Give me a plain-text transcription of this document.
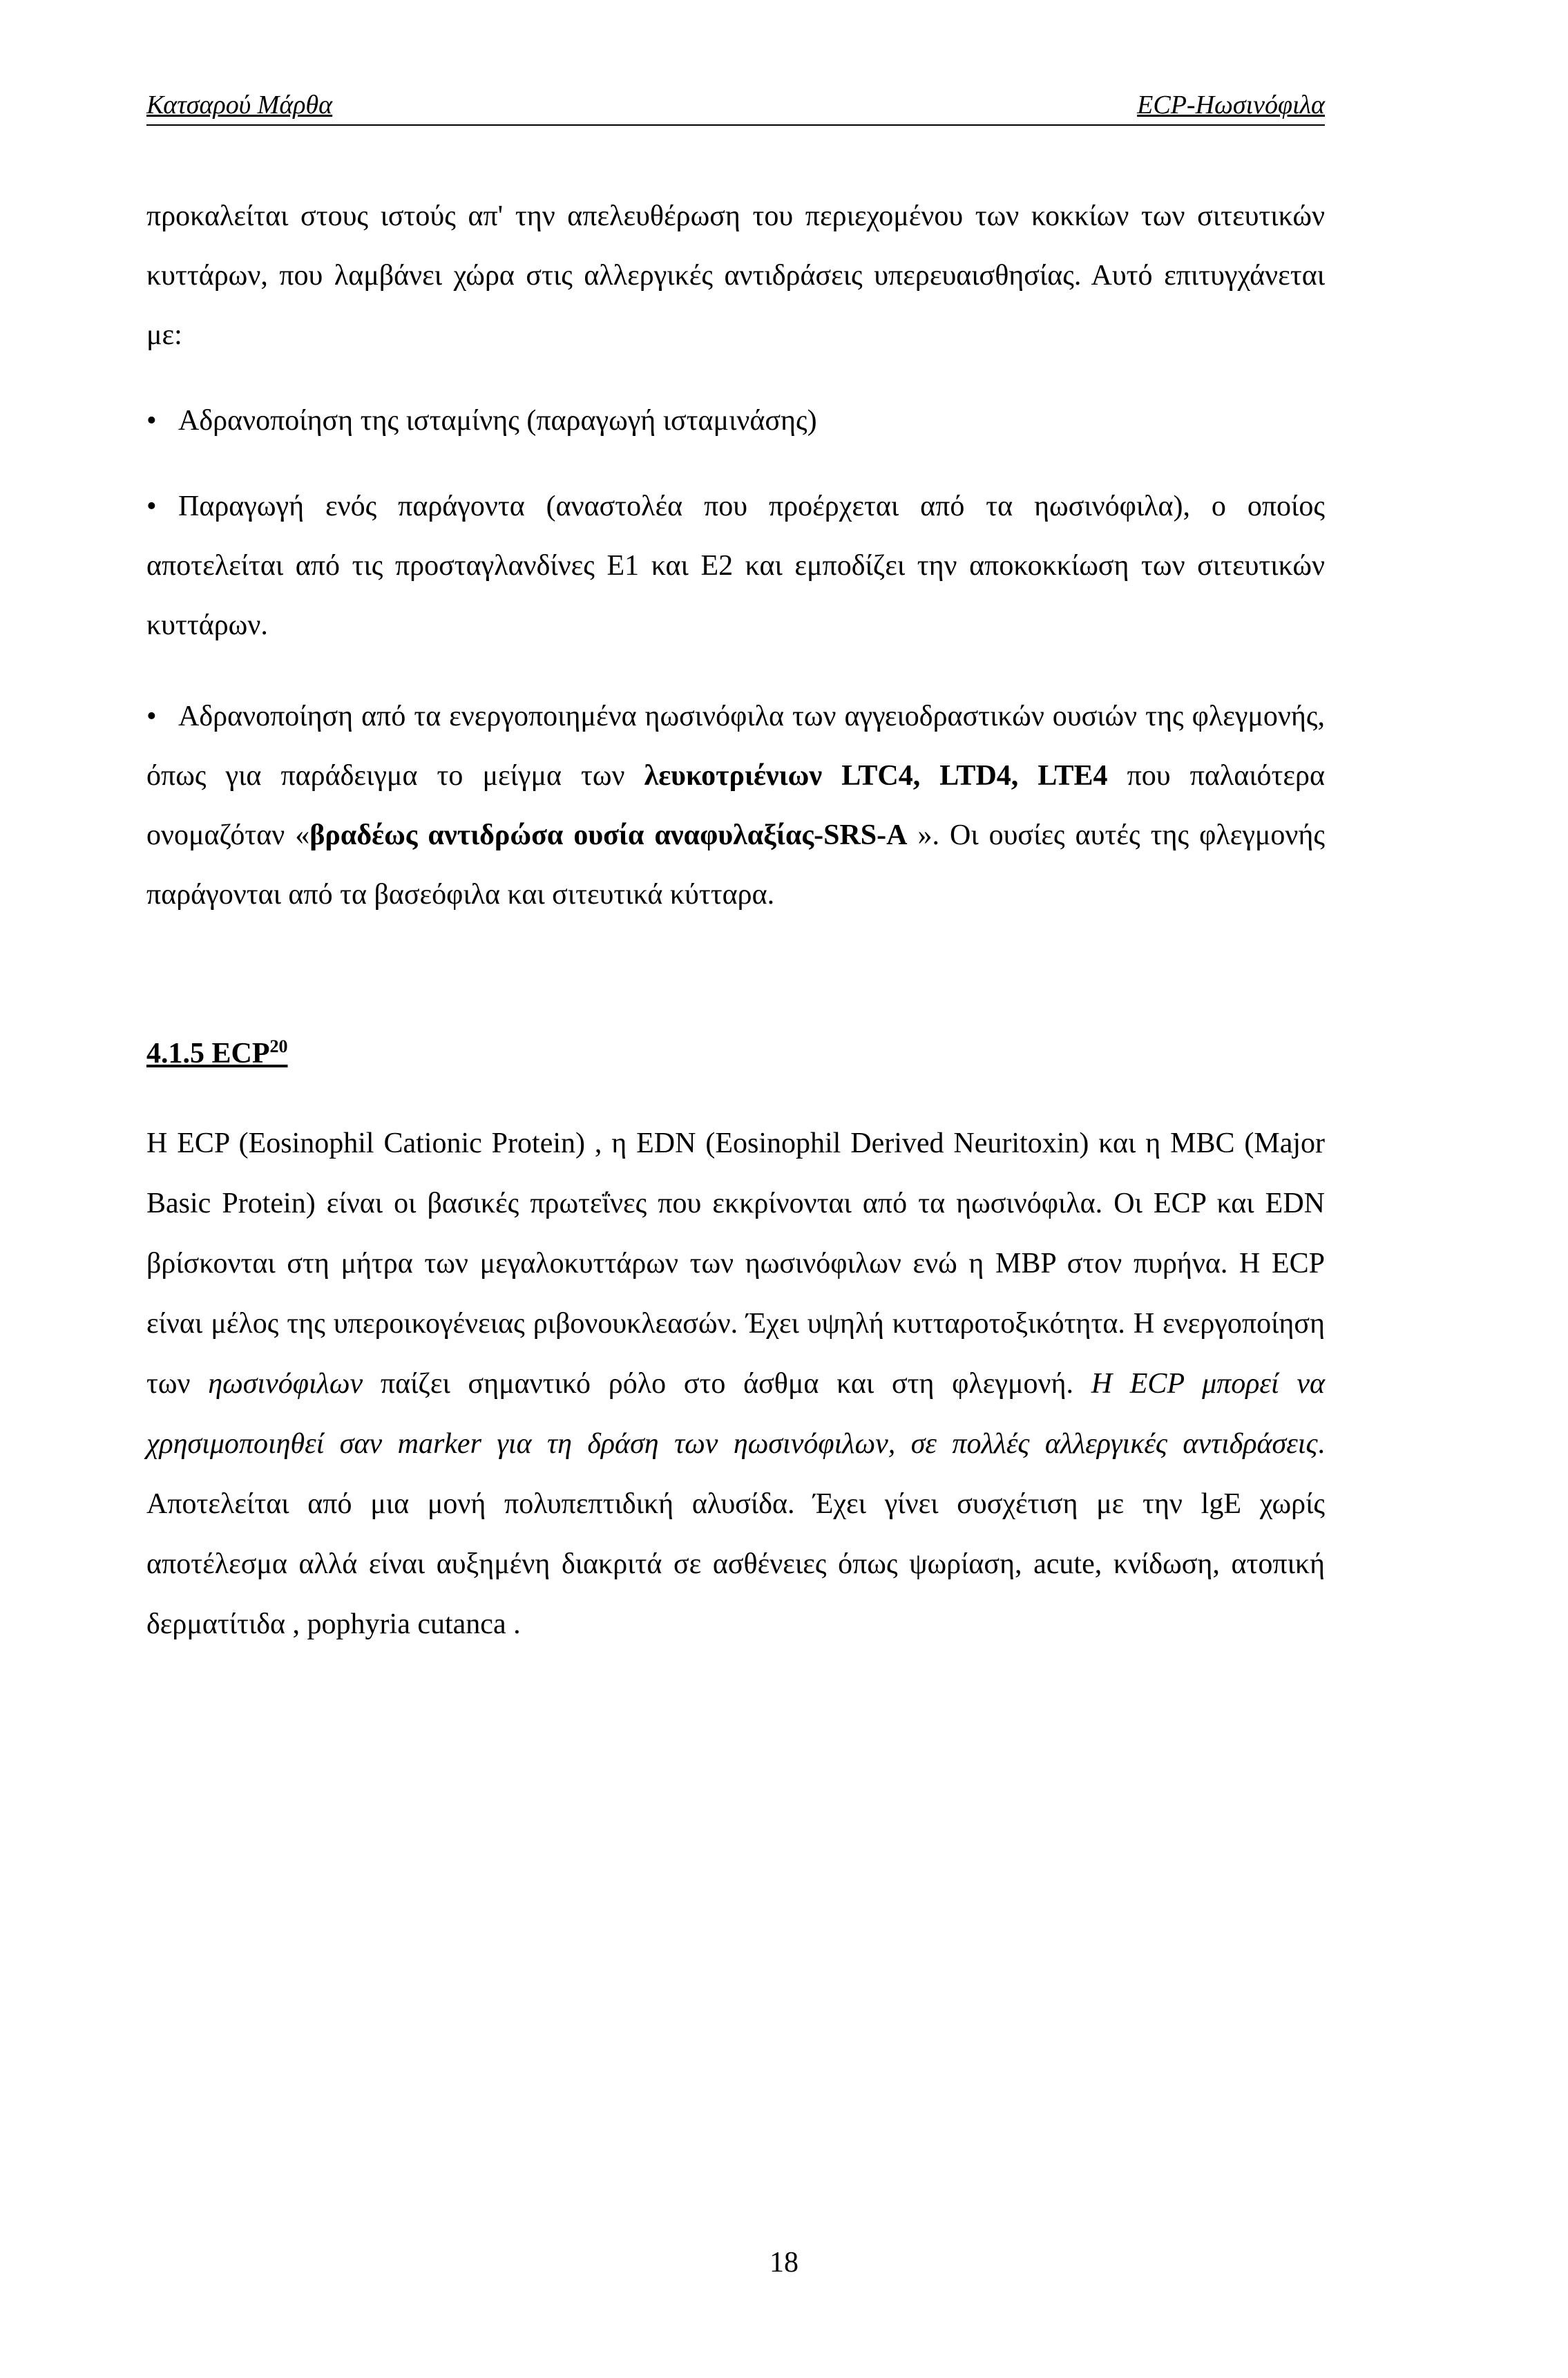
Κατσαρού Μάρθα	ECP-Ηωσινόφιλα

προκαλείται στους ιστούς απ' την απελευθέρωση του περιεχομένου των κοκκίων των σιτευτικών κυττάρων, που λαμβάνει χώρα στις αλλεργικές αντιδράσεις υπερευαισθησίας. Αυτό επιτυγχάνεται με:

• Αδρανοποίηση της ισταμίνης (παραγωγή ισταμινάσης)

• Παραγωγή ενός παράγοντα (αναστολέα που προέρχεται από τα ηωσινόφιλα), ο οποίος αποτελείται από τις προσταγλανδίνες Ε1 και Ε2 και εμποδίζει την αποκοκκίωση των σιτευτικών κυττάρων.

• Αδρανοποίηση από τα ενεργοποιημένα ηωσινόφιλα των αγγειοδραστικών ουσιών της φλεγμονής, όπως για παράδειγμα το μείγμα των λευκοτριένιων LTC4, LTD4, LTE4 που παλαιότερα ονομαζόταν «βραδέως αντιδρώσα ουσία αναφυλαξίας-SRS-A ». Οι ουσίες αυτές της φλεγμονής παράγονται από τα βασεόφιλα και σιτευτικά κύτταρα.

4.1.5 ECP$^{20}$

Η ECP (Eosinophil Cationic Protein) , η EDN (Eosinophil Derived Neuritoxin) και η MBC (Major Basic Protein) είναι οι βασικές πρωτεΐνες που εκκρίνονται από τα ηωσινόφιλα. Οι ECP και EDN βρίσκονται στη μήτρα των μεγαλοκυττάρων των ηωσινόφιλων ενώ η MBP στον πυρήνα. Η ECP είναι μέλος της υπεροικογένειας ριβονουκλεασών. Έχει υψηλή κυτταροτοξικότητα. Η ενεργοποίηση των ηωσινόφιλων παίζει σημαντικό ρόλο στο άσθμα και στη φλεγμονή. Η ECP μπορεί να χρησιμοποιηθεί σαν marker για τη δράση των ηωσινόφιλων, σε πολλές αλλεργικές αντιδράσεις. Αποτελείται από μια μονή πολυπεπτιδική αλυσίδα. Έχει γίνει συσχέτιση με την lgE χωρίς αποτέλεσμα αλλά είναι αυξημένη διακριτά σε ασθένειες όπως ψωρίαση, acute, κνίδωση, ατοπική δερματίτιδα , pophyria cutanca .

18
